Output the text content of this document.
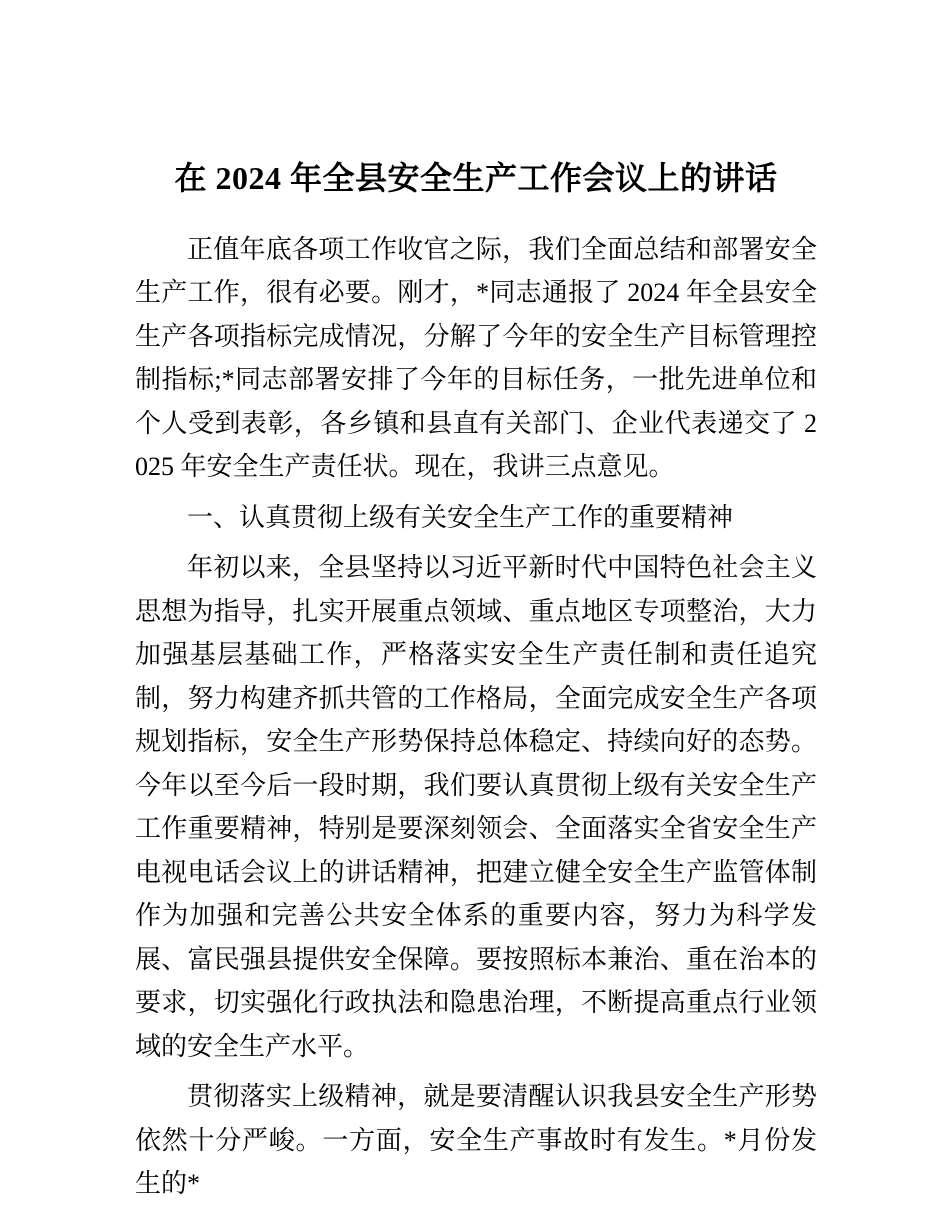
在 2024 年全县安全生产工作会议上的讲话

正值年底各项工作收官之际，我们全面总结和部署安全生产工作，很有必要。刚才，*同志通报了 2024 年全县安全生产各项指标完成情况，分解了今年的安全生产目标管理控制指标;*同志部署安排了今年的目标任务，一批先进单位和个人受到表彰，各乡镇和县直有关部门、企业代表递交了 2025 年安全生产责任状。现在，我讲三点意见。

一、认真贯彻上级有关安全生产工作的重要精神

年初以来，全县坚持以习近平新时代中国特色社会主义思想为指导，扎实开展重点领域、重点地区专项整治，大力加强基层基础工作，严格落实安全生产责任制和责任追究制，努力构建齐抓共管的工作格局，全面完成安全生产各项规划指标，安全生产形势保持总体稳定、持续向好的态势。今年以至今后一段时期，我们要认真贯彻上级有关安全生产工作重要精神，特别是要深刻领会、全面落实全省安全生产电视电话会议上的讲话精神，把建立健全安全生产监管体制作为加强和完善公共安全体系的重要内容，努力为科学发展、富民强县提供安全保障。要按照标本兼治、重在治本的要求，切实强化行政执法和隐患治理，不断提高重点行业领域的安全生产水平。

贯彻落实上级精神，就是要清醒认识我县安全生产形势依然十分严峻。一方面，安全生产事故时有发生。*月份发生的*
